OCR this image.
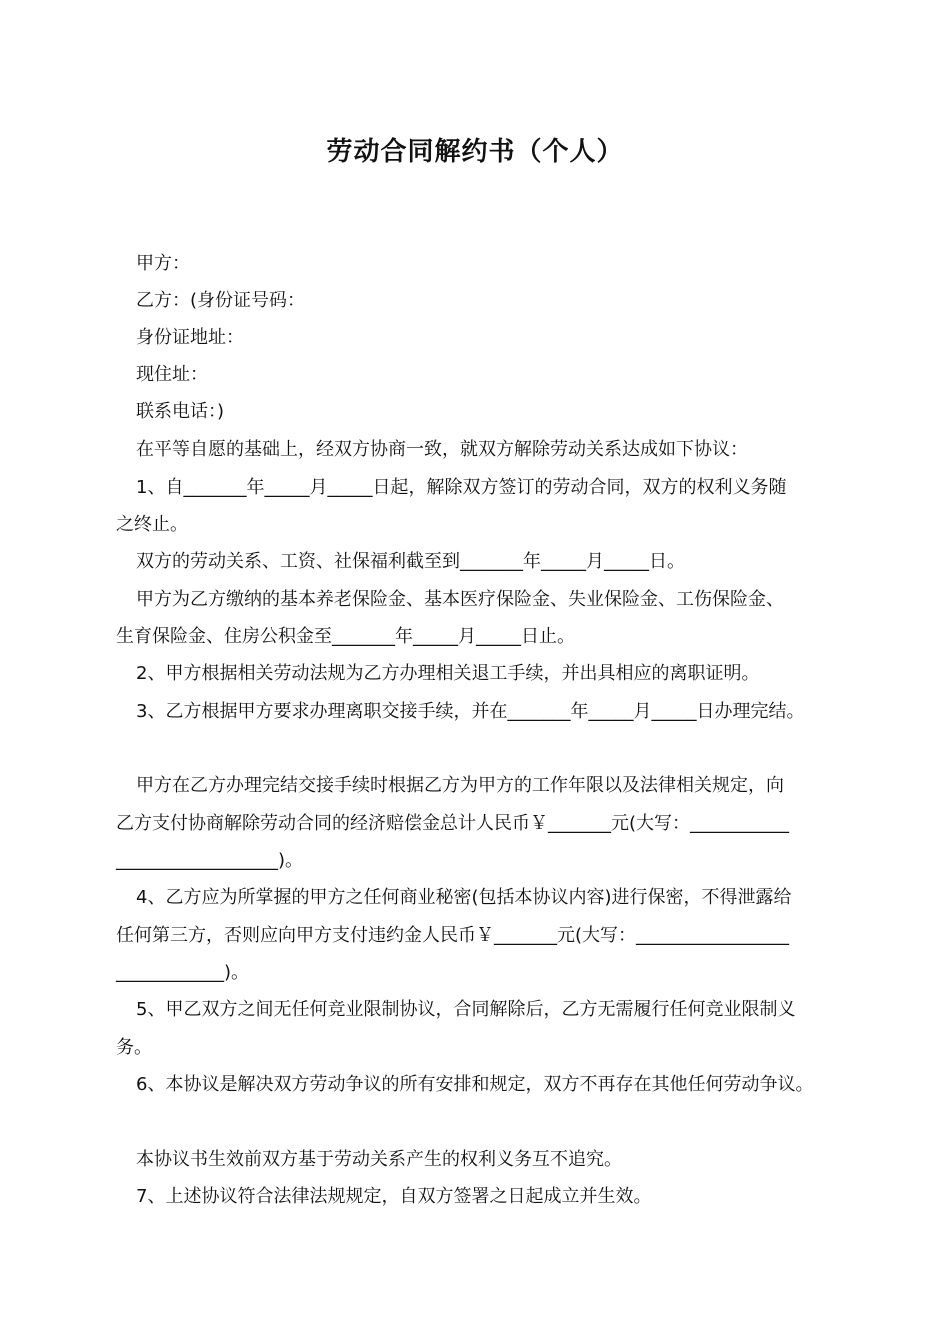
劳动合同解约书（个人）
甲方：
乙方：(身份证号码：
身份证地址：
现住址：
联系电话：)
在平等自愿的基础上，经双方协商一致，就双方解除劳动关系达成如下协议：
1、自_______年_____月_____日起，解除双方签订的劳动合同，双方的权利义务随
之终止。
双方的劳动关系、工资、社保福利截至到_______年_____月_____日。
甲方为乙方缴纳的基本养老保险金、基本医疗保险金、失业保险金、工伤保险金、
生育保险金、住房公积金至_______年_____月_____日止。
2、甲方根据相关劳动法规为乙方办理相关退工手续，并出具相应的离职证明。
3、乙方根据甲方要求办理离职交接手续，并在_______年_____月_____日办理完结。
甲方在乙方办理完结交接手续时根据乙方为甲方的工作年限以及法律相关规定，向
乙方支付协商解除劳动合同的经济赔偿金总计人民币￥_______元(大写：___________
__________________)。
4、乙方应为所掌握的甲方之任何商业秘密(包括本协议内容)进行保密，不得泄露给
任何第三方，否则应向甲方支付违约金人民币￥_______元(大写：_________________
____________)。
5、甲乙双方之间无任何竞业限制协议，合同解除后，乙方无需履行任何竞业限制义
务。
6、本协议是解决双方劳动争议的所有安排和规定，双方不再存在其他任何劳动争议。
本协议书生效前双方基于劳动关系产生的权利义务互不追究。
7、上述协议符合法律法规规定，自双方签署之日起成立并生效。
